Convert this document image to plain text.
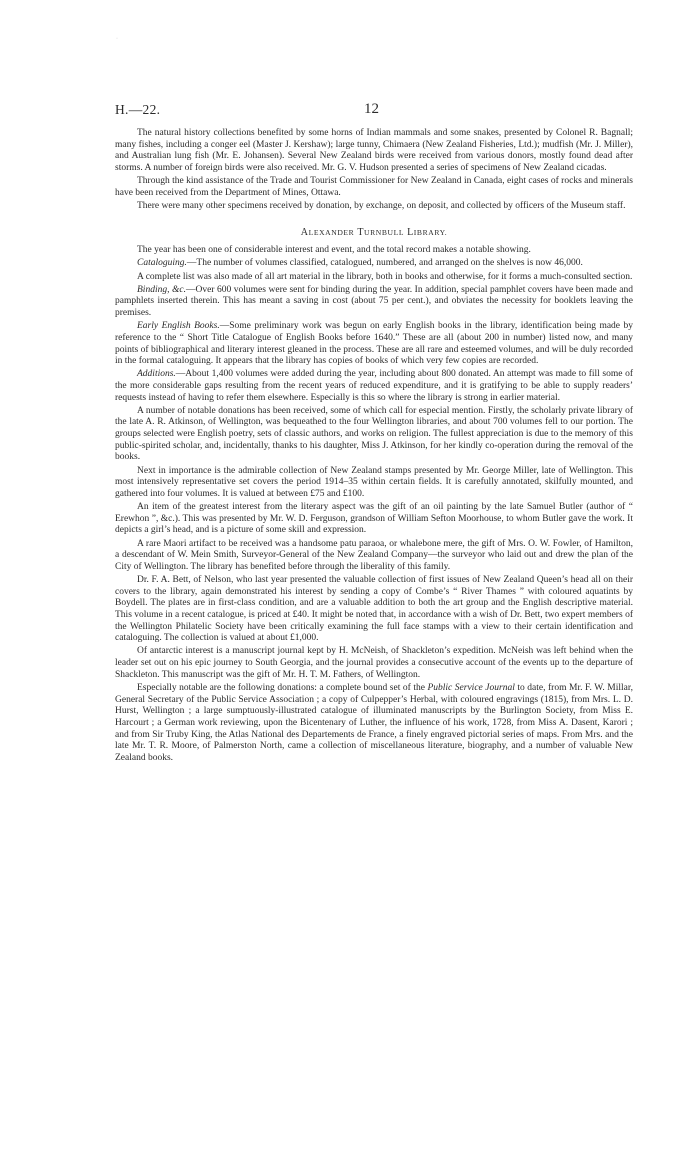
·
H.—22.	12

The natural history collections benefited by some horns of Indian mammals and some snakes, presented by Colonel R. Bagnall; many fishes, including a conger eel (Master J. Kershaw); large tunny, Chimaera (New Zealand Fisheries, Ltd.); mudfish (Mr. J. Miller), and Australian lung fish (Mr. E. Johansen). Several New Zealand birds were received from various donors, mostly found dead after storms. A number of foreign birds were also received. Mr. G. V. Hudson presented a series of specimens of New Zealand cicadas.

Through the kind assistance of the Trade and Tourist Commissioner for New Zealand in Canada, eight cases of rocks and minerals have been received from the Department of Mines, Ottawa.

There were many other specimens received by donation, by exchange, on deposit, and collected by officers of the Museum staff.

ALEXANDER TURNBULL LIBRARY.

The year has been one of considerable interest and event, and the total record makes a notable showing.

Cataloguing.—The number of volumes classified, catalogued, numbered, and arranged on the shelves is now 46,000.

A complete list was also made of all art material in the library, both in books and otherwise, for it forms a much-consulted section.

Binding, &c.—Over 600 volumes were sent for binding during the year. In addition, special pamphlet covers have been made and pamphlets inserted therein. This has meant a saving in cost (about 75 per cent.), and obviates the necessity for booklets leaving the premises.

Early English Books.—Some preliminary work was begun on early English books in the library, identification being made by reference to the “ Short Title Catalogue of English Books before 1640.” These are all (about 200 in number) listed now, and many points of bibliographical and literary interest gleaned in the process. These are all rare and esteemed volumes, and will be duly recorded in the formal cataloguing. It appears that the library has copies of books of which very few copies are recorded.

Additions.—About 1,400 volumes were added during the year, including about 800 donated. An attempt was made to fill some of the more considerable gaps resulting from the recent years of reduced expenditure, and it is gratifying to be able to supply readers’ requests instead of having to refer them elsewhere. Especially is this so where the library is strong in earlier material.

A number of notable donations has been received, some of which call for especial mention. Firstly, the scholarly private library of the late A. R. Atkinson, of Wellington, was bequeathed to the four Wellington libraries, and about 700 volumes fell to our portion. The groups selected were English poetry, sets of classic authors, and works on religion. The fullest appreciation is due to the memory of this public-spirited scholar, and, incidentally, thanks to his daughter, Miss J. Atkinson, for her kindly co-operation during the removal of the books.

Next in importance is the admirable collection of New Zealand stamps presented by Mr. George Miller, late of Wellington. This most intensively representative set covers the period 1914–35 within certain fields. It is carefully annotated, skilfully mounted, and gathered into four volumes. It is valued at between £75 and £100.

An item of the greatest interest from the literary aspect was the gift of an oil painting by the late Samuel Butler (author of “ Erewhon ”, &c.). This was presented by Mr. W. D. Ferguson, grandson of William Sefton Moorhouse, to whom Butler gave the work. It depicts a girl’s head, and is a picture of some skill and expression.

A rare Maori artifact to be received was a handsome patu paraoa, or whalebone mere, the gift of Mrs. O. W. Fowler, of Hamilton, a descendant of W. Mein Smith, Surveyor-General of the New Zealand Company—the surveyor who laid out and drew the plan of the City of Wellington. The library has benefited before through the liberality of this family.

Dr. F. A. Bett, of Nelson, who last year presented the valuable collection of first issues of New Zealand Queen’s head all on their covers to the library, again demonstrated his interest by sending a copy of Combe’s “ River Thames ” with coloured aquatints by Boydell. The plates are in first-class condition, and are a valuable addition to both the art group and the English descriptive material. This volume in a recent catalogue, is priced at £40. It might be noted that, in accordance with a wish of Dr. Bett, two expert members of the Wellington Philatelic Society have been critically examining the full face stamps with a view to their certain identification and cataloguing. The collection is valued at about £1,000.

Of antarctic interest is a manuscript journal kept by H. McNeish, of Shackleton’s expedition. McNeish was left behind when the leader set out on his epic journey to South Georgia, and the journal provides a consecutive account of the events up to the departure of Shackleton. This manuscript was the gift of Mr. H. T. M. Fathers, of Wellington.

Especially notable are the following donations: a complete bound set of the Public Service Journal to date, from Mr. F. W. Millar, General Secretary of the Public Service Association ; a copy of Culpepper’s Herbal, with coloured engravings (1815), from Mrs. L. D. Hurst, Wellington ; a large sumptuously-illustrated catalogue of illuminated manuscripts by the Burlington Society, from Miss E. Harcourt ; a German work reviewing, upon the Bicentenary of Luther, the influence of his work, 1728, from Miss A. Dasent, Karori ; and from Sir Truby King, the Atlas National des Departements de France, a finely engraved pictorial series of maps. From Mrs. and the late Mr. T. R. Moore, of Palmerston North, came a collection of miscellaneous literature, biography, and a number of valuable New Zealand books.
